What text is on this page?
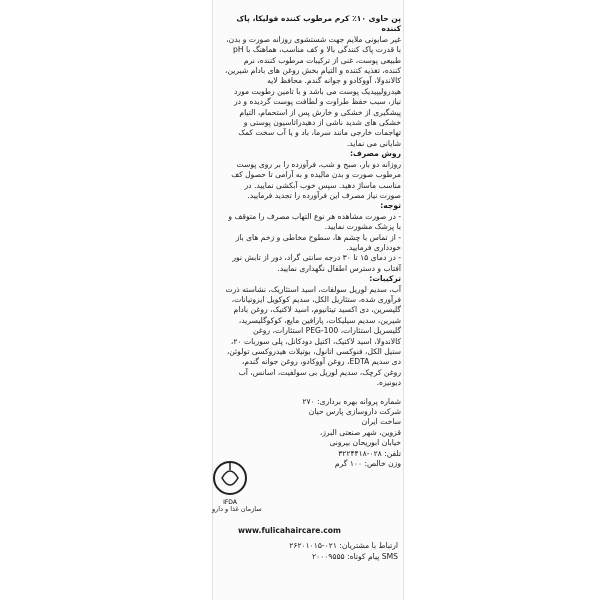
پن حاوی ۱۰٪ کرم مرطوب کننده فولیکا، پاک کننده

غیر صابونی ملایم جهت شستشوی روزانه صورت و بدن، با قدرت پاک کنندگی بالا و کف مناسب، هماهنگ با pH طبیعی پوست، غنی از ترکیبات مرطوب کننده، نرم کننده، تغذیه کننده و التیام بخش روغن های بادام شیرین، کالاندولا، آووکادو و جوانه گندم. محافظ لایه هیدرولیپیدیک پوست می باشد و با تامین رطوبت مورد نیاز، سبب حفظ طراوت و لطافت پوست گردیده و در پیشگیری از خشکی و خارش پس از استحمام، التیام خشکی های شدید ناشی از دهیدراتاسیون پوستی و تهاجمات خارجی مانند سرما، باد و یا آب سخت کمک شایانی می نماید.

روش مصرف:

روزانه دو بار، صبح و شب، فرآورده را بر روی پوست مرطوب صورت و بدن مالیده و به آرامی تا حصول کف مناسب ماساژ دهید. سپس خوب آبکشی نمایید. در صورت نیاز مصرف این فرآورده را تجدید فرمایید.

توجه:

- در صورت مشاهده هر نوع التهاب مصرف را متوقف و با پزشک مشورت نمایید.

- از تماس با چشم ها، سطوح مخاطی و زخم های باز خودداری فرمایید.

- در دمای ۱۵ تا ۳۰ درجه سانتی گراد، دور از تابش نور آفتاب و دسترس اطفال نگهداری نمایید.

ترکیبات:

آب، سدیم لوریل سولفات، اسید استئاریک، نشاسته ذرت فرآوری شده، ستئاریل الکل، سدیم کوکویل ایزوتیانات، گلیسرین، دی اکسید تیتانیوم، اسید لاکتیک، روغن بادام شیرین، سدیم سیلیکات، پارافین مایع، کوکوگلیسرید، گلیسریل استئارات، PEG-100 استئارات، روغن کالاندولا، اسید لاکتیک، اکتیل دودکانل، پلی سوربات ۲۰، ستیل الکل، فنوکسی اتانول، بوتیلات هیدروکسی تولوئن، دی سدیم EDTA، روغن آووکادو، روغن جوانه گندم، روغن کرچک، سدیم لوریل بی سولفیت، اسانس، آب دیونیزه.

شماره پروانه بهره برداری: ۲۷۰

شرکت داروسازی پارس حیان

ساخت ایران

قزوین، شهر صنعتی البرز،

خیابان ابوریحان بیرونی

تلفن: ۰۲۸-۳۲۲۴۴۱۸

وزن خالص: ۱۰۰ گرم

IFDA
سازمان غذا و دارو
www.fulicahaircare.com
ارتباط با مشتریان: ۰۲۱-۲۶۲۰۱۰۱۵
SMS پیام کوتاه: ۲۰۰۰۹۵۵۵
